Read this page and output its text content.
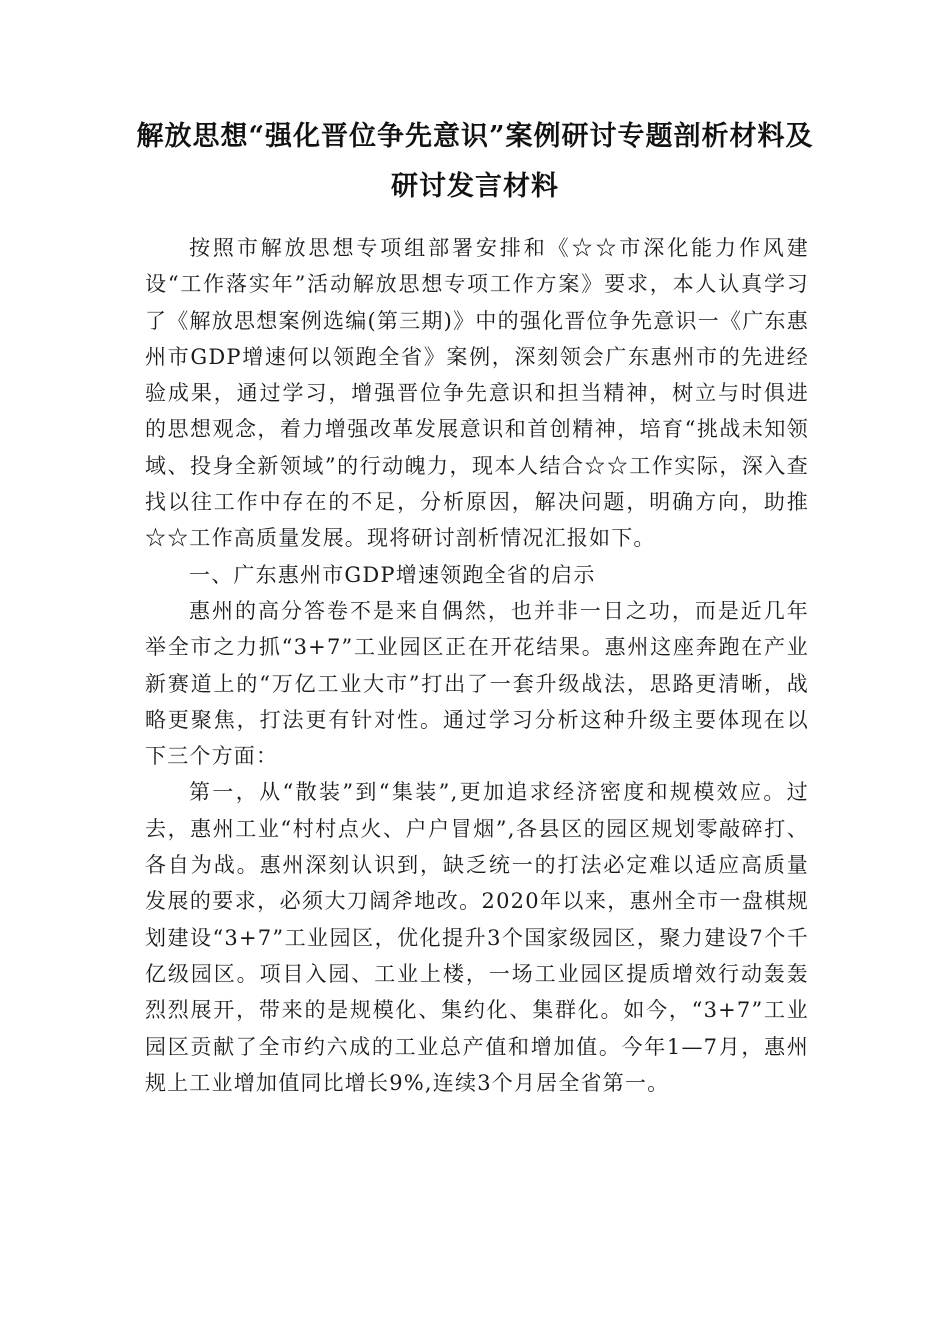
解放思想“强化晋位争先意识”案例研讨专题剖析材料及研讨发言材料

按照市解放思想专项组部署安排和《☆☆市深化能力作风建设“工作落实年”活动解放思想专项工作方案》要求，本人认真学习了《解放思想案例选编(第三期)》中的强化晋位争先意识一《广东惠州市GDP增速何以领跑全省》案例，深刻领会广东惠州市的先进经验成果，通过学习，增强晋位争先意识和担当精神，树立与时俱进的思想观念，着力增强改革发展意识和首创精神，培育“挑战未知领域、投身全新领域”的行动魄力，现本人结合☆☆工作实际，深入查找以往工作中存在的不足，分析原因，解决问题，明确方向，助推☆☆工作高质量发展。现将研讨剖析情况汇报如下。

一、广东惠州市GDP增速领跑全省的启示

惠州的高分答卷不是来自偶然，也并非一日之功，而是近几年举全市之力抓“3+7”工业园区正在开花结果。惠州这座奔跑在产业新赛道上的“万亿工业大市”打出了一套升级战法，思路更清晰，战略更聚焦，打法更有针对性。通过学习分析这种升级主要体现在以下三个方面：

第一，从“散装”到“集装”,更加追求经济密度和规模效应。过去，惠州工业“村村点火、户户冒烟”,各县区的园区规划零敲碎打、各自为战。惠州深刻认识到，缺乏统一的打法必定难以适应高质量发展的要求，必须大刀阔斧地改。2020年以来，惠州全市一盘棋规划建设“3+7”工业园区，优化提升3个国家级园区，聚力建设7个千亿级园区。项目入园、工业上楼，一场工业园区提质增效行动轰轰烈烈展开，带来的是规模化、集约化、集群化。如今，“3+7”工业园区贡献了全市约六成的工业总产值和增加值。今年1—7月，惠州规上工业增加值同比增长9%,连续3个月居全省第一。
